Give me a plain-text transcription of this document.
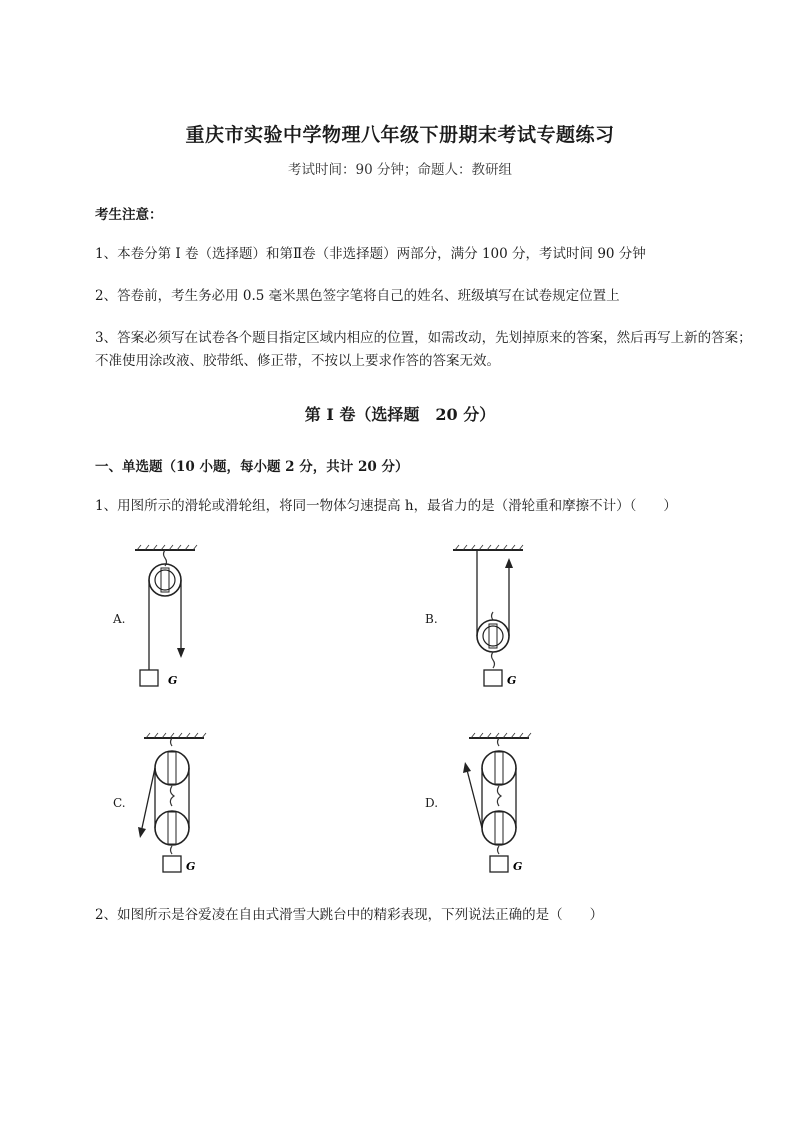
重庆市实验中学物理八年级下册期末考试专题练习
考试时间：90 分钟；命题人：教研组
考生注意：
1、本卷分第 I 卷（选择题）和第Ⅱ卷（非选择题）两部分，满分 100 分，考试时间 90 分钟
2、答卷前，考生务必用 0.5 毫米黑色签字笔将自己的姓名、班级填写在试卷规定位置上
3、答案必须写在试卷各个题目指定区域内相应的位置，如需改动，先划掉原来的答案，然后再写上新的答案；不准使用涂改液、胶带纸、修正带，不按以上要求作答的答案无效。
第 I 卷（选择题　20 分）
一、单选题（10 小题，每小题 2 分，共计 20 分）
1、用图所示的滑轮或滑轮组，将同一物体匀速提高 h，最省力的是（滑轮重和摩擦不计）（　　）
G
A.
G
B.
G
C.
G
D.
2、如图所示是谷爱凌在自由式滑雪大跳台中的精彩表现，下列说法正确的是（　　）
